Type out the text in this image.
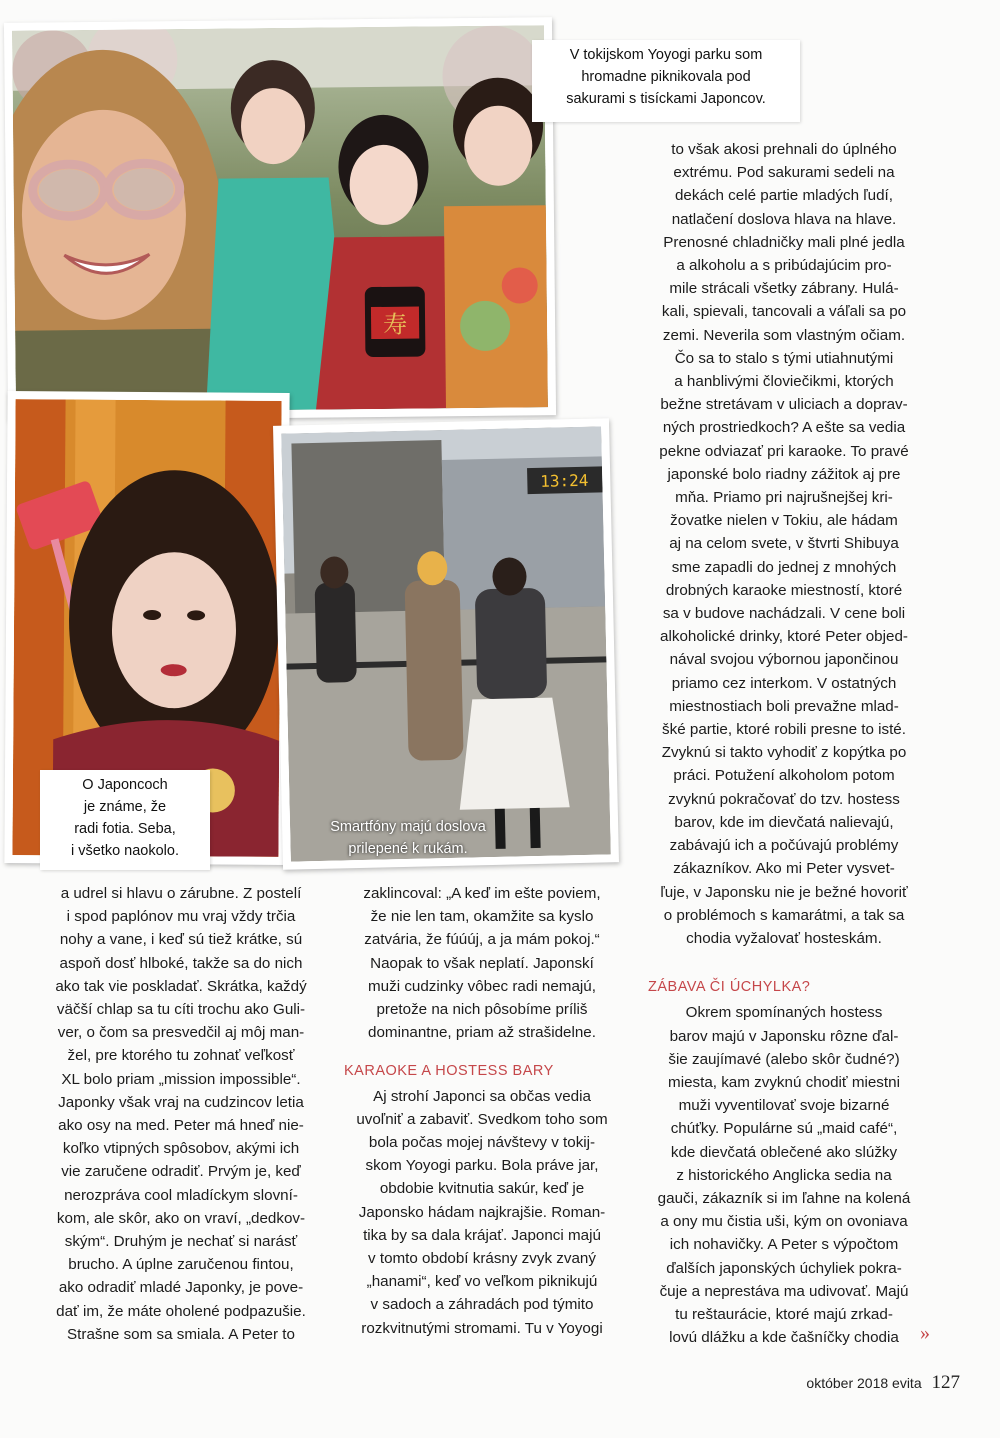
寿
V tokijskom Yoyogi parku som
hromadne piknikovala pod
sakurami s tisíckami Japoncov.
O Japoncoch
je známe, že
radi fotia. Seba,
i všetko naokolo.
13:24
Smartfóny majú doslova
prilepené k rukám.
to však akosi prehnali do úplného
extrému. Pod sakurami sedeli na
dekách celé partie mladých ľudí,
natlačení doslova hlava na hlave.
Prenosné chladničky mali plné jedla
a alkoholu a s pribúdajúcim pro-
mile strácali všetky zábrany. Hulá-
kali, spievali, tancovali a váľali sa po
zemi. Neverila som vlastným očiam.
Čo sa to stalo s tými utiahnutými
a hanblivými človiečikmi, ktorých
bežne stretávam v uliciach a doprav-
ných prostriedkoch? A ešte sa vedia
pekne odviazať pri karaoke. To pravé
japonské bolo riadny zážitok aj pre
mňa. Priamo pri najrušnejšej kri-
žovatke nielen v Tokiu, ale hádam
aj na celom svete, v štvrti Shibuya
sme zapadli do jednej z mnohých
drobných karaoke miestností, ktoré
sa v budove nachádzali. V cene boli
alkoholické drinky, ktoré Peter objed-
nával svojou výbornou japončinou
priamo cez interkom. V ostatných
miestnostiach boli prevažne mlad-
šké partie, ktoré robili presne to isté.
Zvyknú si takto vyhodiť z kopýtka po
práci. Potužení alkoholom potom
zvyknú pokračovať do tzv. hostess
barov, kde im dievčatá nalievajú,
zabávajú ich a počúvajú problémy
zákazníkov. Ako mi Peter vysvet-
ľuje, v Japonsku nie je bežné hovoriť
o problémoch s kamarátmi, a tak sa
chodia vyžalovať hosteskám.

ZÁBAVA ČI ÚCHYLKA?

Okrem spomínaných hostess
barov majú v Japonsku rôzne ďal-
šie zaujímavé (alebo skôr čudné?)
miesta, kam zvyknú chodiť miestni
muži vyventilovať svoje bizarné
chúťky. Populárne sú „maid café“,
kde dievčatá oblečené ako slúžky
z historického Anglicka sedia na
gauči, zákazník si im ľahne na kolená
a ony mu čistia uši, kým on ovoniava
ich nohavičky. A Peter s výpočtom
ďalších japonských úchyliek pokra-
čuje a neprestáva ma udivovať. Majú
tu reštaurácie, ktoré majú zrkad-
lovú dlážku a kde čašníčky chodia
a udrel si hlavu o zárubne. Z postelí
i spod paplónov mu vraj vždy trčia
nohy a vane, i keď sú tiež krátke, sú
aspoň dosť hlboké, takže sa do nich
ako tak vie poskladať. Skrátka, každý
väčší chlap sa tu cíti trochu ako Guli-
ver, o čom sa presvedčil aj môj man-
žel, pre ktorého tu zohnať veľkosť
XL bolo priam „mission impossible“.
Japonky však vraj na cudzincov letia
ako osy na med. Peter má hneď nie-
koľko vtipných spôsobov, akými ich
vie zaručene odradiť. Prvým je, keď
nerozpráva cool mladíckym slovní-
kom, ale skôr, ako on vraví, „dedkov-
ským“. Druhým je nechať si narásť
brucho. A úplne zaručenou fintou,
ako odradiť mladé Japonky, je pove-
dať im, že máte oholené podpazušie.
Strašne som sa smiala. A Peter to
zaklincoval: „A keď im ešte poviem,
že nie len tam, okamžite sa kyslo
zatvária, že fúúúj, a ja mám pokoj.“
Naopak to však neplatí. Japonskí
muži cudzinky vôbec radi nemajú,
pretože na nich pôsobíme príliš
dominantne, priam až strašidelne.

KARAOKE A HOSTESS BARY

Aj strohí Japonci sa občas vedia
uvoľniť a zabaviť. Svedkom toho som
bola počas mojej návštevy v tokij-
skom Yoyogi parku. Bola práve jar,
obdobie kvitnutia sakúr, keď je
Japonsko hádam najkrajšie. Roman-
tika by sa dala krájať. Japonci majú
v tomto období krásny zvyk zvaný
„hanami“, keď vo veľkom piknikujú
v sadoch a záhradách pod týmito
rozkvitnutými stromami. Tu v Yoyogi	»
október 2018 evita 127
